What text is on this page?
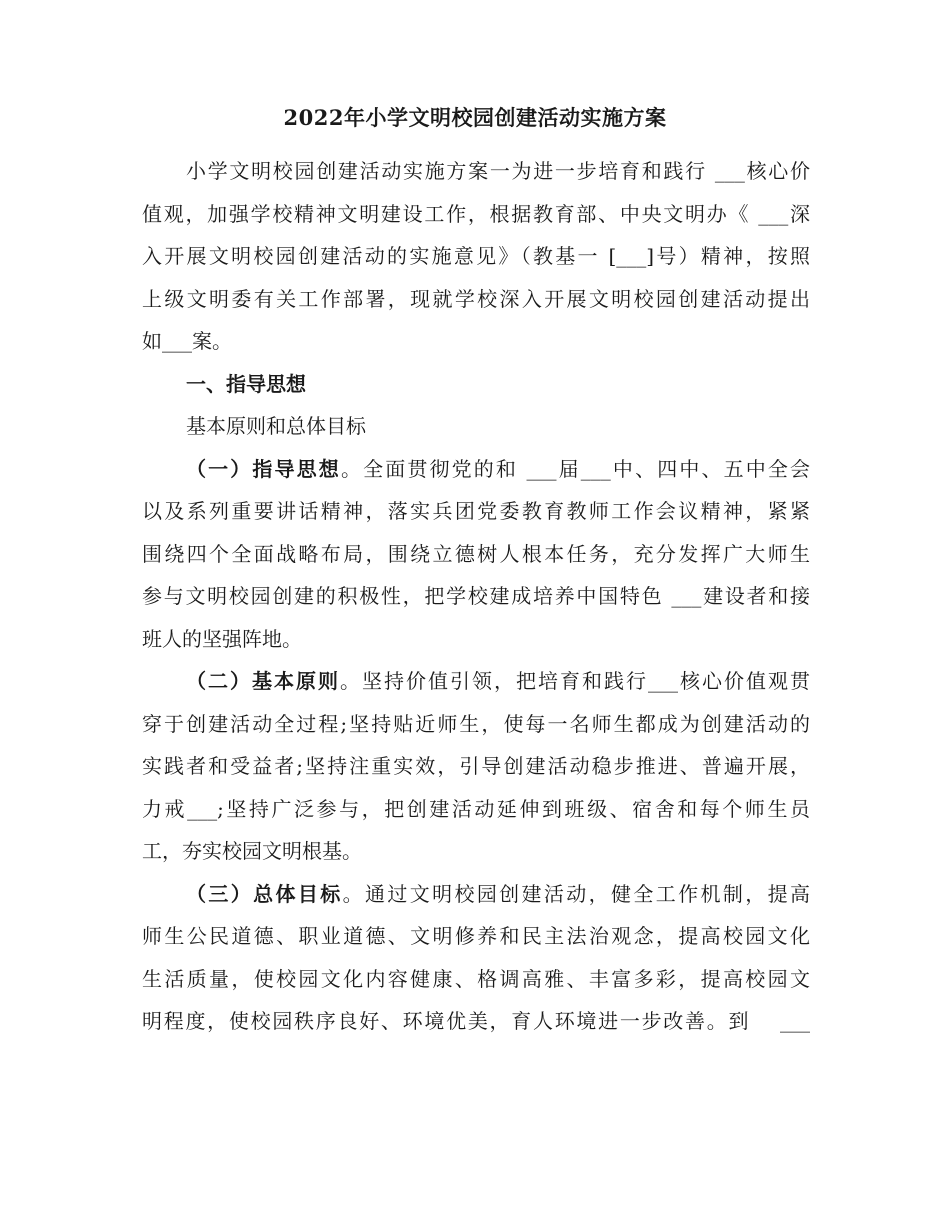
2022年小学文明校园创建活动实施方案
小学文明校园创建活动实施方案一为进一步培育和践行 ___核心价
值观，加强学校精神文明建设工作，根据教育部、中央文明办《 ___深
入开展文明校园创建活动的实施意见》（教基一 [___]号）精神，按照
上级文明委有关工作部署，现就学校深入开展文明校园创建活动提出
如___案。
一、指导思想
基本原则和总体目标
（一）指导思想。全面贯彻党的和 ___届___中、四中、五中全会
以及系列重要讲话精神，落实兵团党委教育教师工作会议精神，紧紧
围绕四个全面战略布局，围绕立德树人根本任务，充分发挥广大师生
参与文明校园创建的积极性，把学校建成培养中国特色 ___建设者和接
班人的坚强阵地。
（二）基本原则。坚持价值引领，把培育和践行___核心价值观贯
穿于创建活动全过程;坚持贴近师生，使每一名师生都成为创建活动的
实践者和受益者;坚持注重实效，引导创建活动稳步推进、普遍开展，
力戒___;坚持广泛参与，把创建活动延伸到班级、宿舍和每个师生员
工，夯实校园文明根基。
（三）总体目标。通过文明校园创建活动，健全工作机制，提高
师生公民道德、职业道德、文明修养和民主法治观念，提高校园文化
生活质量，使校园文化内容健康、格调高雅、丰富多彩，提高校园文
明程度，使校园秩序良好、环境优美，育人环境进一步改善。到　 ___
